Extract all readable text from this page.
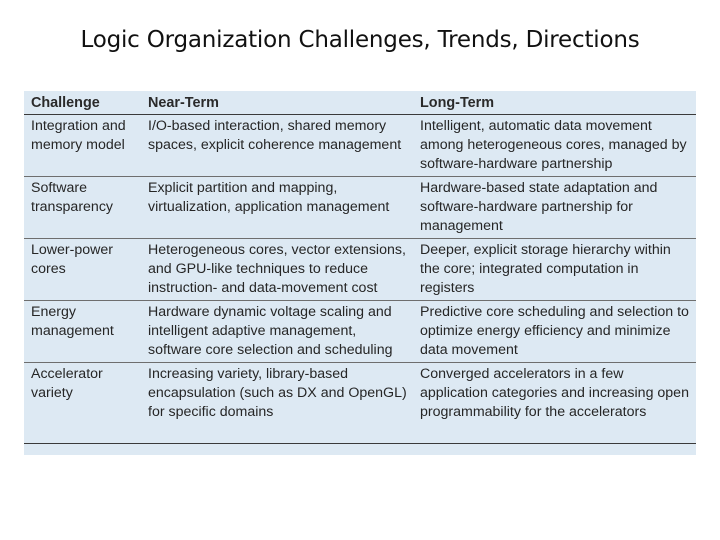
Logic Organization Challenges, Trends, Directions
Challenge	Near-Term	Long-Term
Integration and memory model	I/O-based interaction, shared memory spaces, explicit coherence management	Intelligent, automatic data movement among heterogeneous cores, managed by software-hardware partnership
Software transparency	Explicit partition and mapping, virtualization, application management	Hardware-based state adaptation and software-hardware partnership for management
Lower-power cores	Heterogeneous cores, vector extensions, and GPU-like techniques to reduce instruction- and data-movement cost	Deeper, explicit storage hierarchy within the core; integrated computation in registers
Energy management	Hardware dynamic voltage scaling and intelligent adaptive management, software core selection and scheduling	Predictive core scheduling and selection to optimize energy efficiency and minimize data movement
Accelerator variety	Increasing variety, library-based encapsulation (such as DX and OpenGL) for specific domains	Converged accelerators in a few application categories and increasing open programmability for the accelerators
